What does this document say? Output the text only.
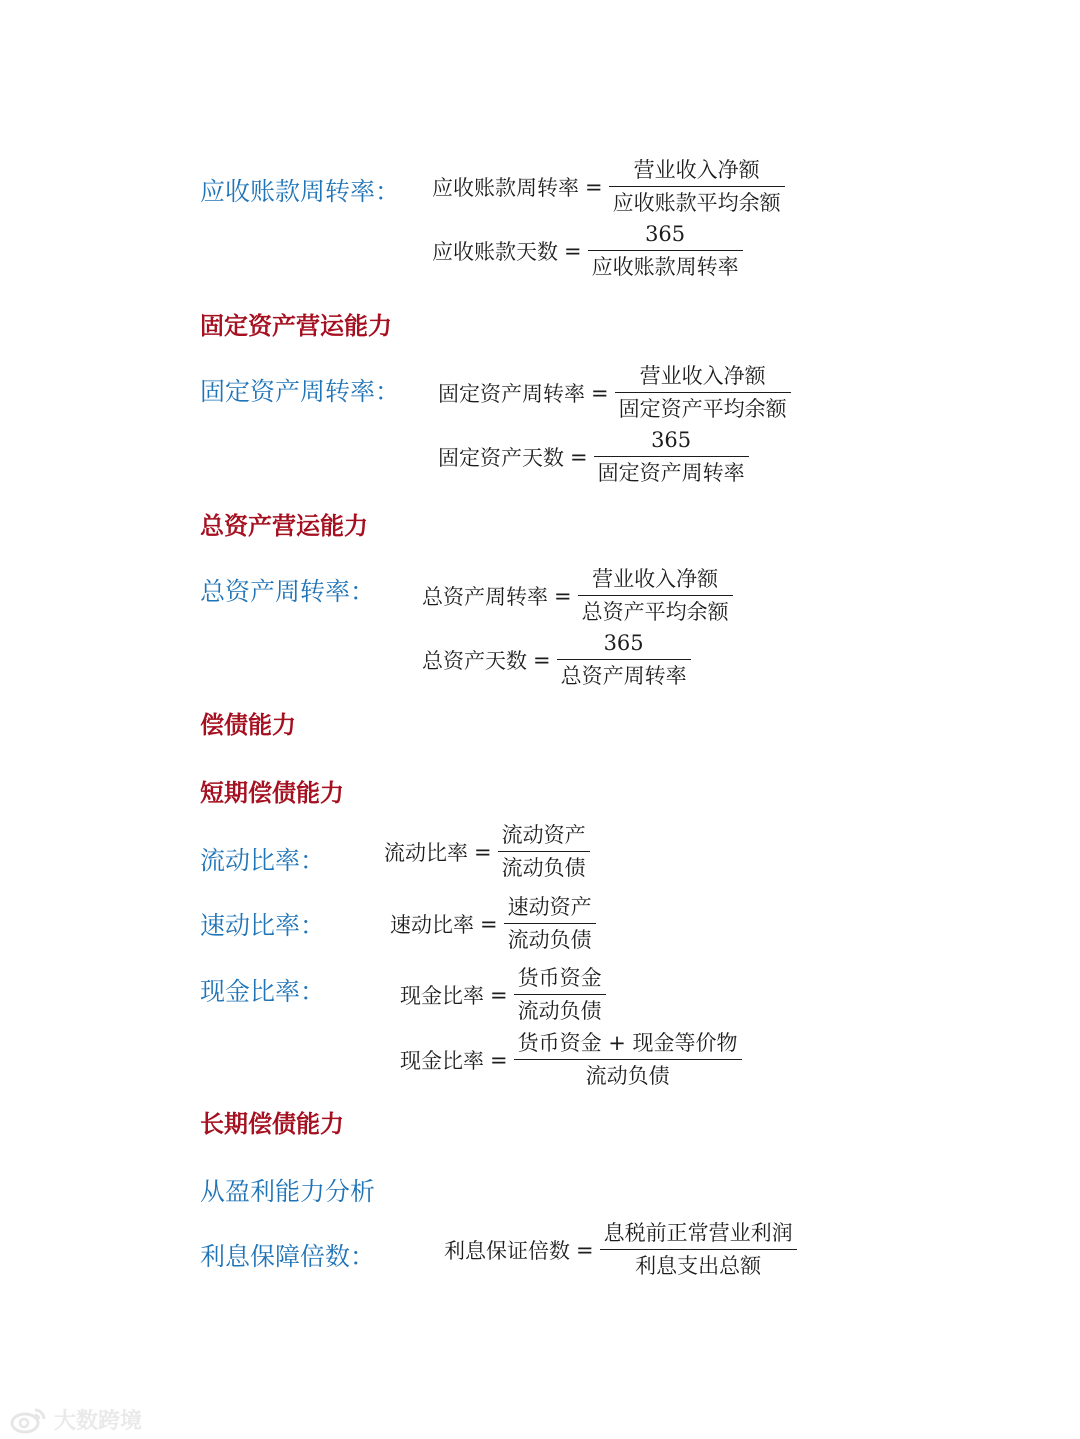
应收账款周转率： 应收账款周转率 = $\frac{\text{营业收入净额}}{\text{应收账款平均余额}}$
应收账款天数 = $\frac{365}{\text{应收账款周转率}}$
固定资产营运能力
固定资产周转率： 固定资产周转率 = $\frac{\text{营业收入净额}}{\text{固定资产平均余额}}$
固定资产天数 = $\frac{365}{\text{固定资产周转率}}$
总资产营运能力
总资产周转率： 总资产周转率 = $\frac{\text{营业收入净额}}{\text{总资产平均余额}}$
总资产天数 = $\frac{365}{\text{总资产周转率}}$
偿债能力
短期偿债能力
流动比率：	流动比率 = $\frac{\text{流动资产}}{\text{流动负债}}$
速动比率：	速动比率 = $\frac{\text{速动资产}}{\text{流动负债}}$
现金比率：	现金比率 = $\frac{\text{货币资金}}{\text{流动负债}}$
现金比率 = $\frac{\text{货币资金 + 现金等价物}}{\text{流动负债}}$
长期偿债能力
从盈利能力分析
利息保障倍数：	利息保证倍数 = $\frac{\text{息税前正常营业利润}}{\text{利息支出总额}}$
大数跨境
